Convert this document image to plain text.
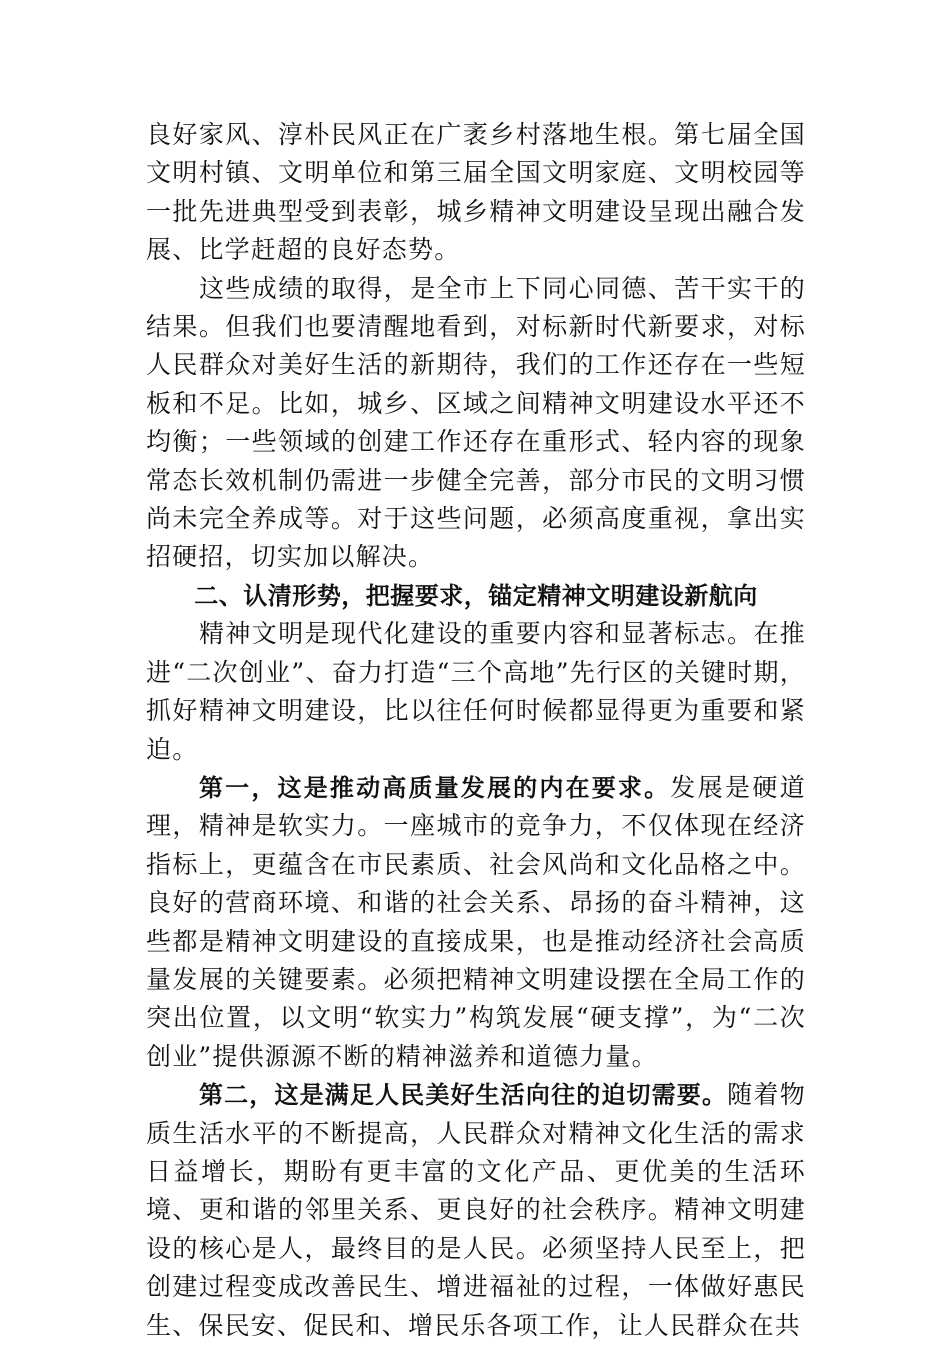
良好家风、淳朴民风正在广袤乡村落地生根。第七届全国文明村镇、文明单位和第三届全国文明家庭、文明校园等一批先进典型受到表彰，城乡精神文明建设呈现出融合发展、比学赶超的良好态势。

这些成绩的取得，是全市上下同心同德、苦干实干的结果。但我们也要清醒地看到，对标新时代新要求，对标人民群众对美好生活的新期待，我们的工作还存在一些短板和不足。比如，城乡、区域之间精神文明建设水平还不均衡；一些领域的创建工作还存在重形式、轻内容的现象常态长效机制仍需进一步健全完善，部分市民的文明习惯尚未完全养成等。对于这些问题，必须高度重视，拿出实招硬招，切实加以解决。

二、认清形势，把握要求，锚定精神文明建设新航向

精神文明是现代化建设的重要内容和显著标志。在推进“二次创业”、奋力打造“三个高地”先行区的关键时期，抓好精神文明建设，比以往任何时候都显得更为重要和紧迫。

第一，这是推动高质量发展的内在要求。发展是硬道理，精神是软实力。一座城市的竞争力，不仅体现在经济指标上，更蕴含在市民素质、社会风尚和文化品格之中。良好的营商环境、和谐的社会关系、昂扬的奋斗精神，这些都是精神文明建设的直接成果，也是推动经济社会高质量发展的关键要素。必须把精神文明建设摆在全局工作的突出位置，以文明“软实力”构筑发展“硬支撑”，为“二次创业”提供源源不断的精神滋养和道德力量。

第二，这是满足人民美好生活向往的迫切需要。随着物质生活水平的不断提高，人民群众对精神文化生活的需求日益增长，期盼有更丰富的文化产品、更优美的生活环境、更和谐的邻里关系、更良好的社会秩序。精神文明建设的核心是人，最终目的是人民。必须坚持人民至上，把创建过程变成改善民生、增进福祉的过程，一体做好惠民生、保民安、促民和、增民乐各项工作，让人民群众在共
